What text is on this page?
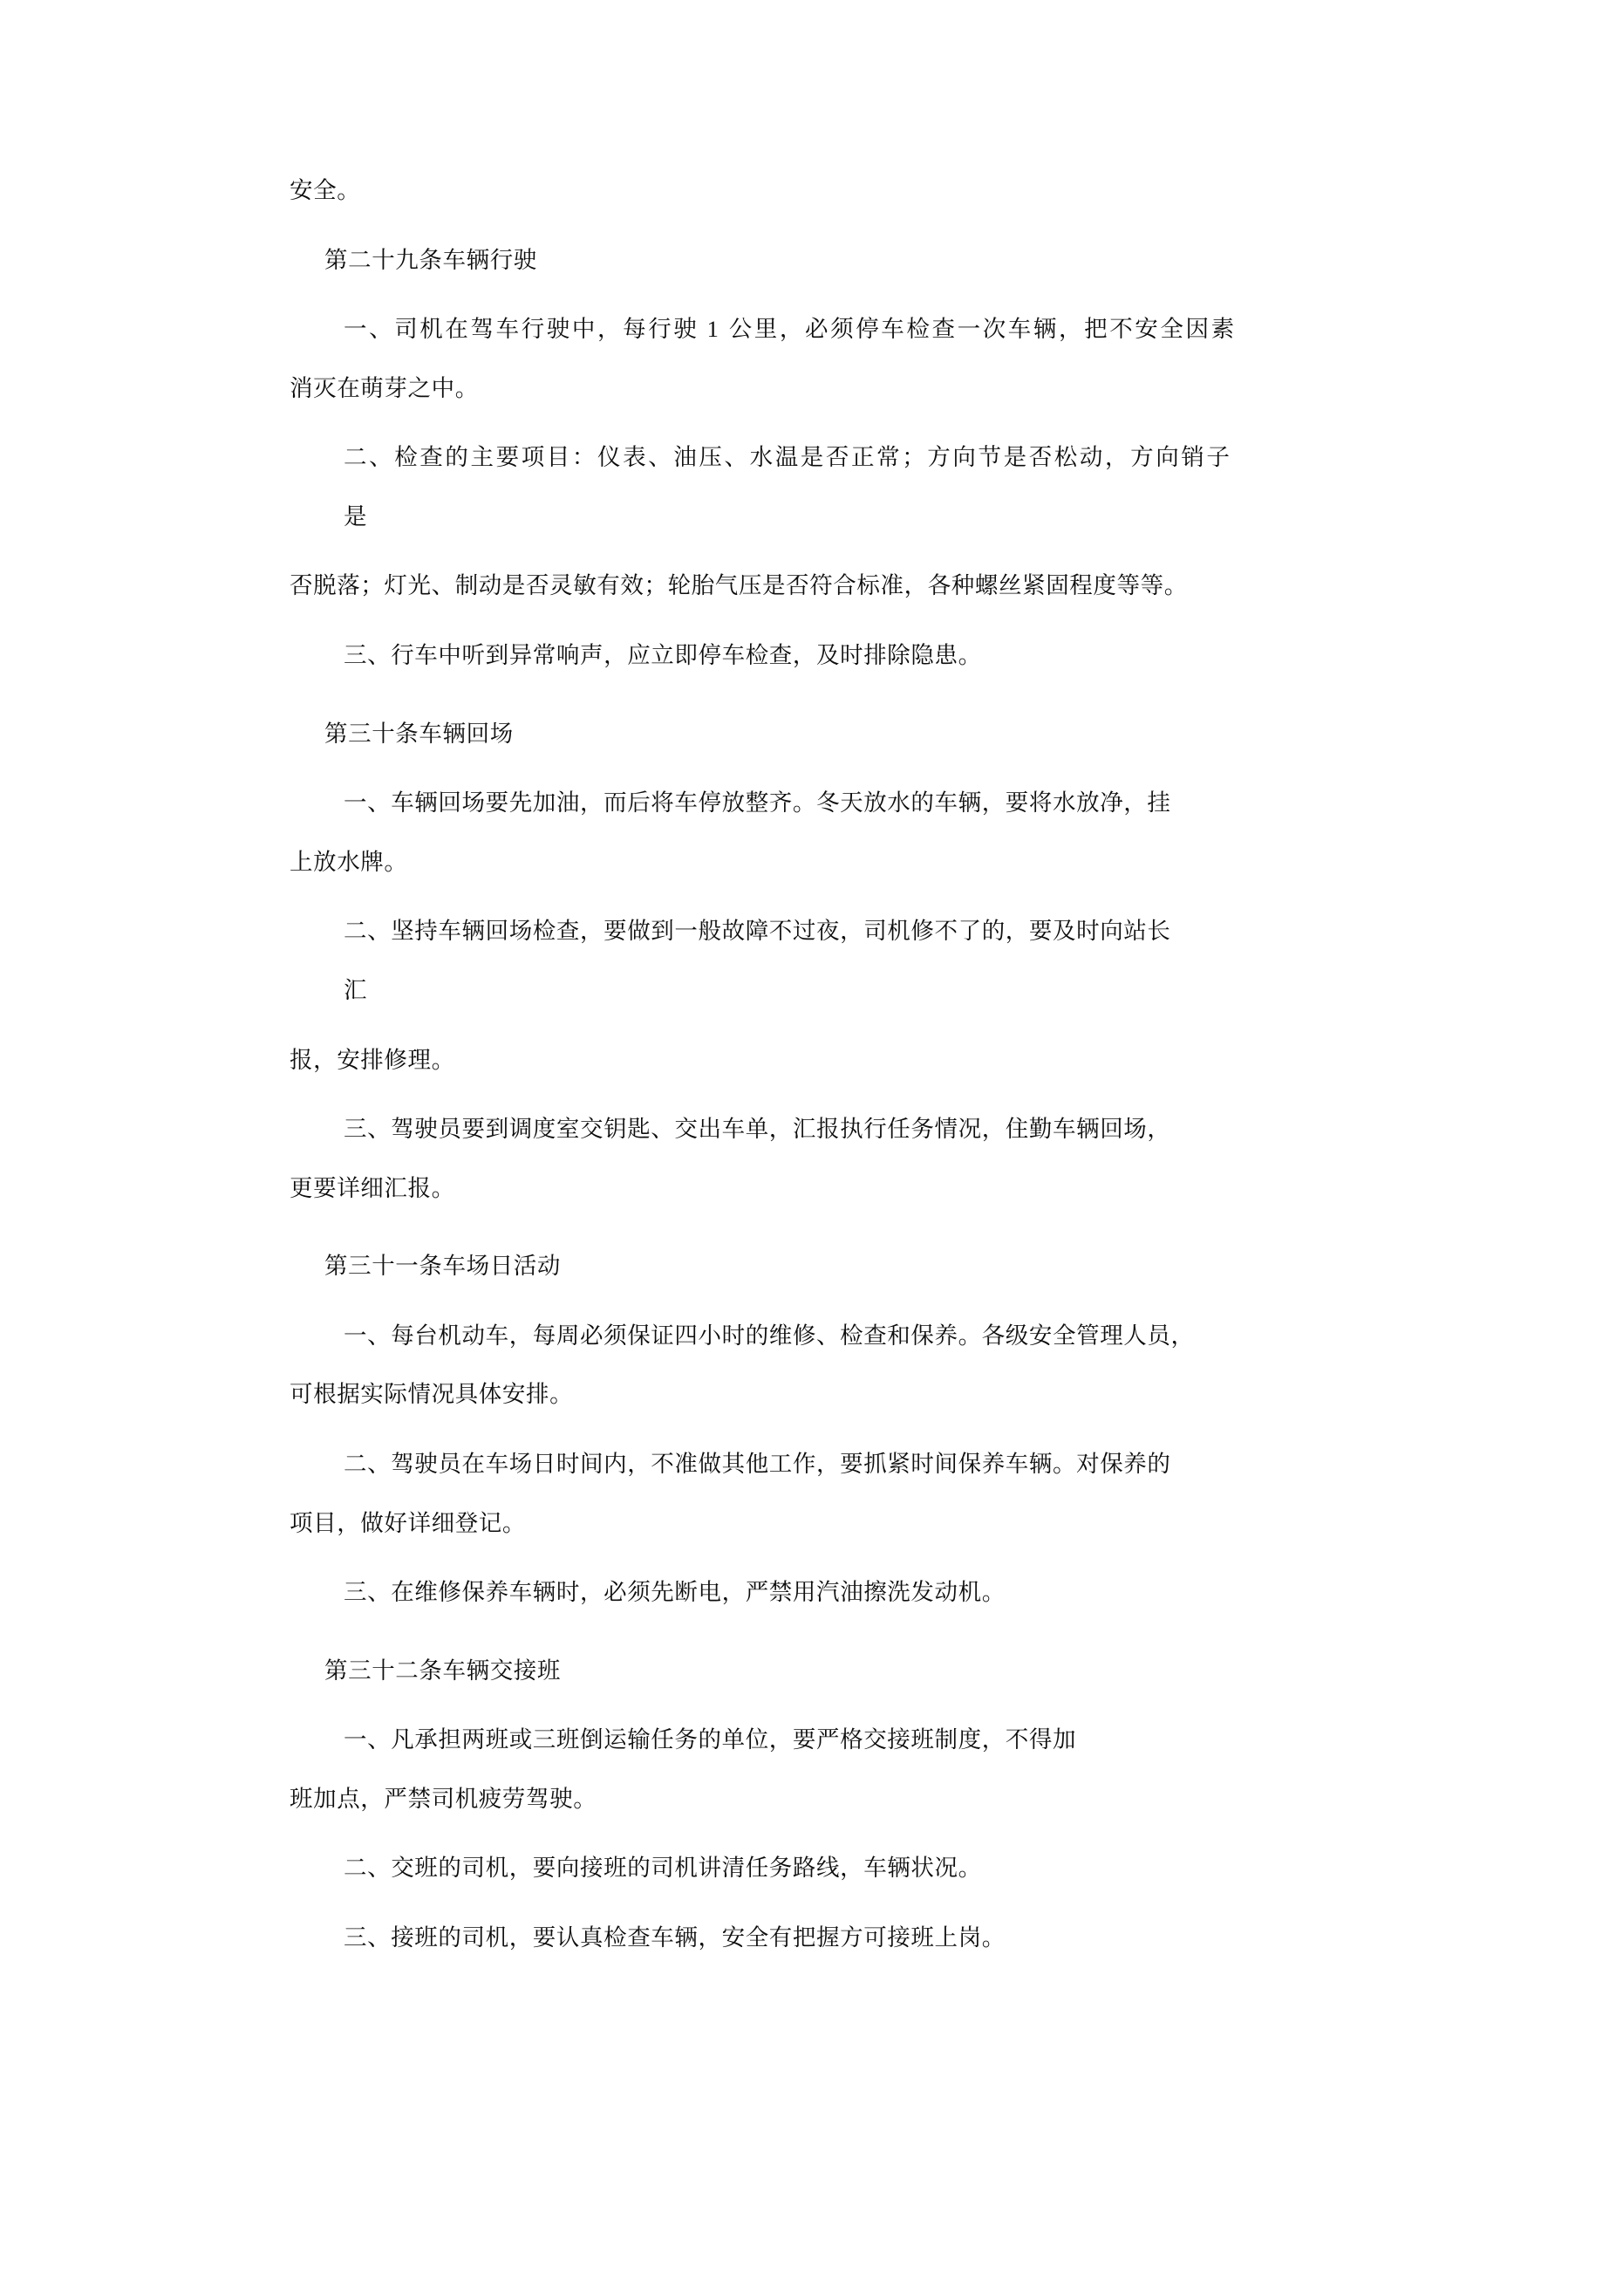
安全。

第二十九条车辆行驶

一、司机在驾车行驶中，每行驶 1 公里，必须停车检查一次车辆，把不安全因素

消灭在萌芽之中。

二、检查的主要项目：仪表、油压、水温是否正常；方向节是否松动，方向销子

是

否脱落；灯光、制动是否灵敏有效；轮胎气压是否符合标准，各种螺丝紧固程度等等。

三、行车中听到异常响声，应立即停车检查，及时排除隐患。

第三十条车辆回场

一、车辆回场要先加油，而后将车停放整齐。冬天放水的车辆，要将水放净，挂

上放水牌。

二、坚持车辆回场检查，要做到一般故障不过夜，司机修不了的，要及时向站长

汇

报，安排修理。

三、驾驶员要到调度室交钥匙、交出车单，汇报执行任务情况，住勤车辆回场，

更要详细汇报。

第三十一条车场日活动

一、每台机动车，每周必须保证四小时的维修、检查和保养。各级安全管理人员，

可根据实际情况具体安排。

二、驾驶员在车场日时间内，不准做其他工作，要抓紧时间保养车辆。对保养的

项目，做好详细登记。

三、在维修保养车辆时，必须先断电，严禁用汽油擦洗发动机。

第三十二条车辆交接班

一、凡承担两班或三班倒运输任务的单位，要严格交接班制度，不得加

班加点，严禁司机疲劳驾驶。

二、交班的司机，要向接班的司机讲清任务路线，车辆状况。

三、接班的司机，要认真检查车辆，安全有把握方可接班上岗。
